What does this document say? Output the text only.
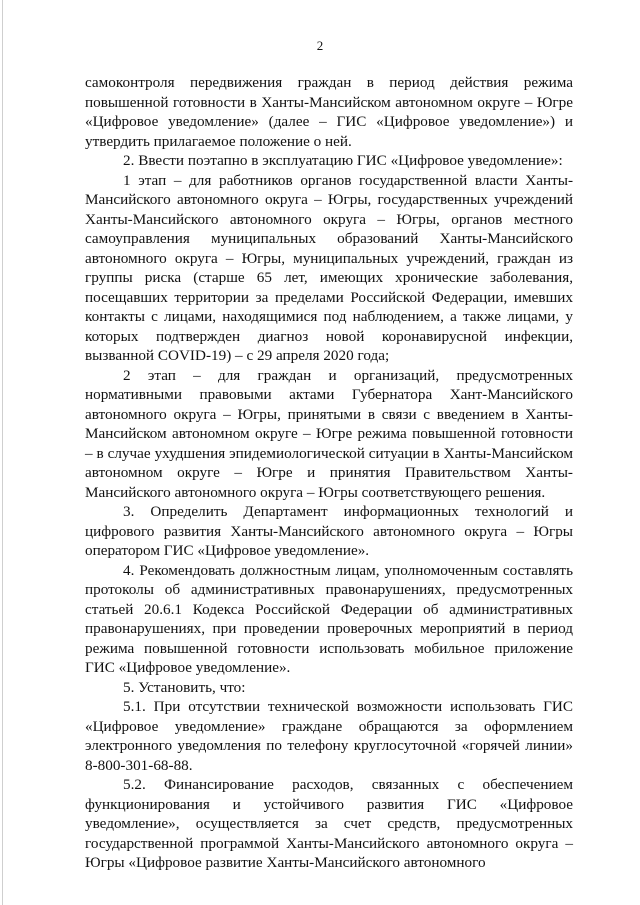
2

самоконтроля передвижения граждан в период действия режима повышенной готовности в Ханты-Мансийском автономном округе – Югре «Цифровое уведомление» (далее – ГИС «Цифровое уведомление») и утвердить прилагаемое положение о ней.

2. Ввести поэтапно в эксплуатацию ГИС «Цифровое уведомление»:

1 этап – для работников органов государственной власти Ханты-Мансийского автономного округа – Югры, государственных учреждений Ханты-Мансийского автономного округа – Югры, органов местного самоуправления муниципальных образований Ханты-Мансийского автономного округа – Югры, муниципальных учреждений, граждан из группы риска (старше 65 лет, имеющих хронические заболевания, посещавших территории за пределами Российской Федерации, имевших контакты с лицами, находящимися под наблюдением, а также лицами, у которых подтвержден диагноз новой коронавирусной инфекции, вызванной COVID-19) – с 29 апреля 2020 года;

2 этап – для граждан и организаций, предусмотренных нормативными правовыми актами Губернатора Хант-Мансийского автономного округа – Югры, принятыми в связи с введением в Ханты-Мансийском автономном округе – Югре режима повышенной готовности – в случае ухудшения эпидемиологической ситуации в Ханты-Мансийском автономном округе – Югре и принятия Правительством Ханты-Мансийского автономного округа – Югры соответствующего решения.

3. Определить Департамент информационных технологий и цифрового развития Ханты-Мансийского автономного округа – Югры оператором ГИС «Цифровое уведомление».

4. Рекомендовать должностным лицам, уполномоченным составлять протоколы об административных правонарушениях, предусмотренных статьей 20.6.1 Кодекса Российской Федерации об административных правонарушениях, при проведении проверочных мероприятий в период режима повышенной готовности использовать мобильное приложение ГИС «Цифровое уведомление».

5. Установить, что:

5.1. При отсутствии технической возможности использовать ГИС «Цифровое уведомление» граждане обращаются за оформлением электронного уведомления по телефону круглосуточной «горячей линии» 8-800-301-68-88.

5.2. Финансирование расходов, связанных с обеспечением функционирования и устойчивого развития ГИС «Цифровое уведомление», осуществляется за счет средств, предусмотренных государственной программой Ханты-Мансийского автономного округа – Югры «Цифровое развитие Ханты-Мансийского автономного
